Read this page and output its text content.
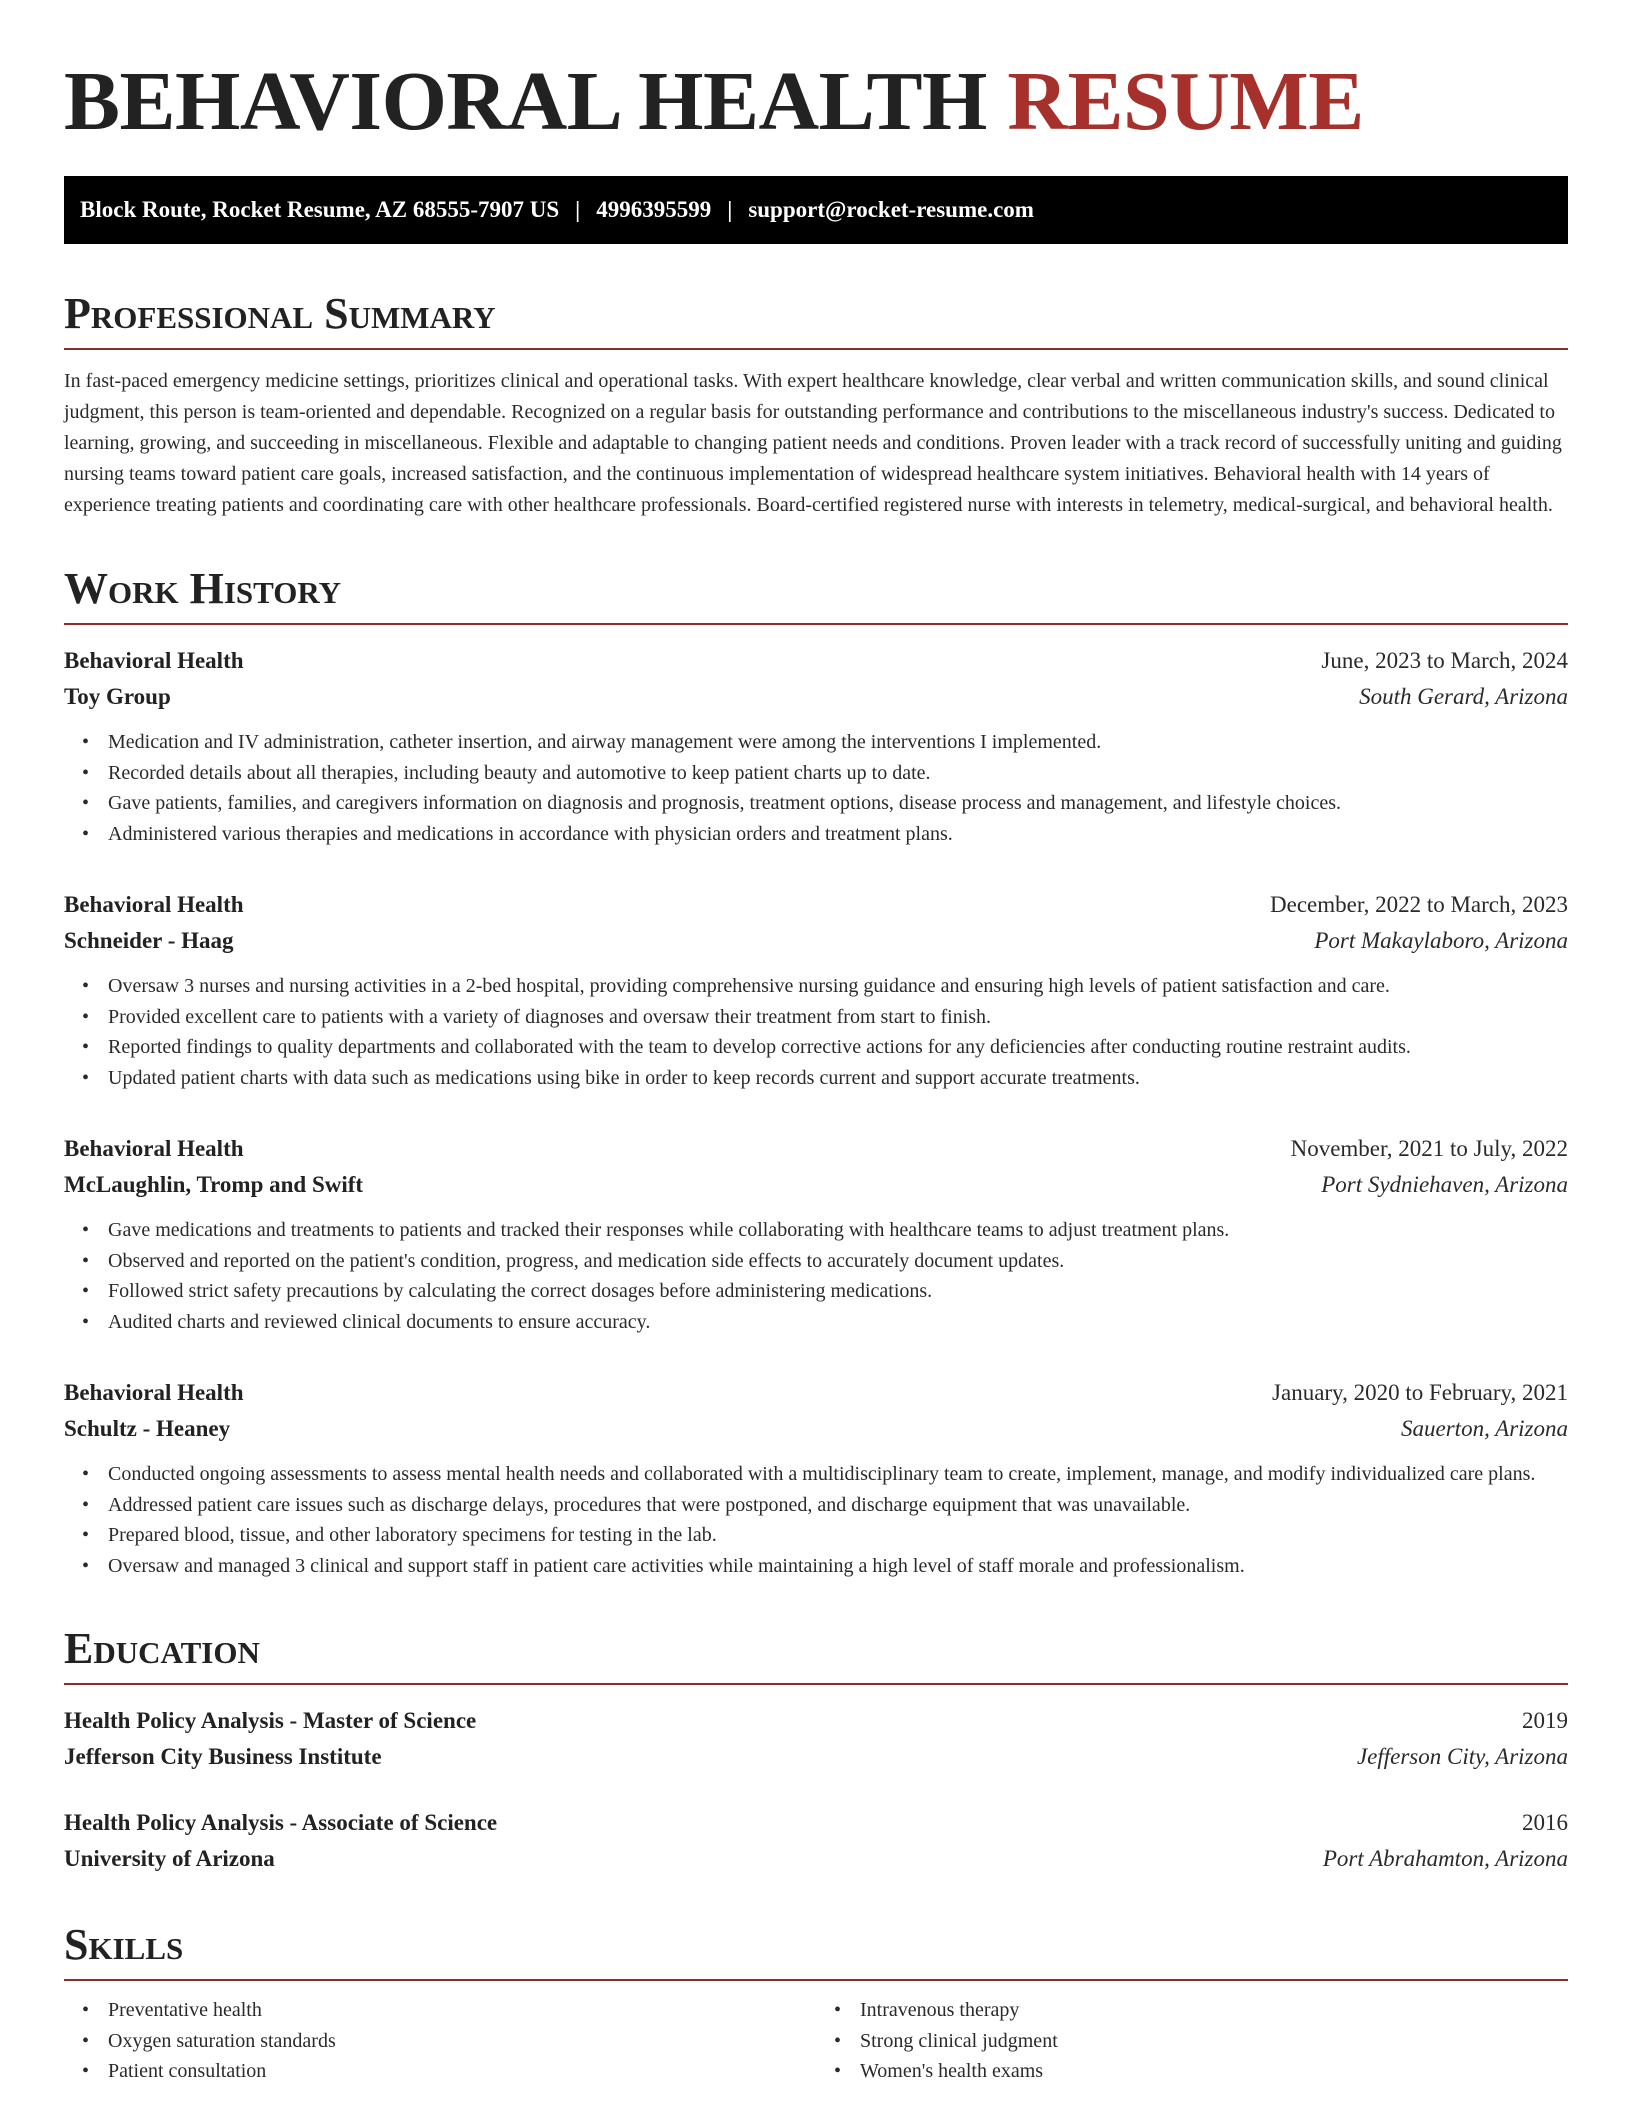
BEHAVIORAL HEALTH RESUME
Block Route, Rocket Resume, AZ 68555-7907 US | 4996395599 | support@rocket-resume.com
Professional Summary

In fast-paced emergency medicine settings, prioritizes clinical and operational tasks. With expert healthcare knowledge, clear verbal and written communication skills, and sound clinical judgment, this person is team-oriented and dependable. Recognized on a regular basis for outstanding performance and contributions to the miscellaneous industry's success. Dedicated to learning, growing, and succeeding in miscellaneous. Flexible and adaptable to changing patient needs and conditions. Proven leader with a track record of successfully uniting and guiding nursing teams toward patient care goals, increased satisfaction, and the continuous implementation of widespread healthcare system initiatives. Behavioral health with 14 years of experience treating patients and coordinating care with other healthcare professionals. Board-certified registered nurse with interests in telemetry, medical-surgical, and behavioral health.

Work History
Behavioral Health	June, 2023 to March, 2024
Toy Group	South Gerard, Arizona
• Medication and IV administration, catheter insertion, and airway management were among the interventions I implemented.
• Recorded details about all therapies, including beauty and automotive to keep patient charts up to date.
• Gave patients, families, and caregivers information on diagnosis and prognosis, treatment options, disease process and management, and lifestyle choices.
• Administered various therapies and medications in accordance with physician orders and treatment plans.
Behavioral Health	December, 2022 to March, 2023
Schneider - Haag	Port Makaylaboro, Arizona
• Oversaw 3 nurses and nursing activities in a 2-bed hospital, providing comprehensive nursing guidance and ensuring high levels of patient satisfaction and care.
• Provided excellent care to patients with a variety of diagnoses and oversaw their treatment from start to finish.
• Reported findings to quality departments and collaborated with the team to develop corrective actions for any deficiencies after conducting routine restraint audits.
• Updated patient charts with data such as medications using bike in order to keep records current and support accurate treatments.
Behavioral Health	November, 2021 to July, 2022
McLaughlin, Tromp and Swift	Port Sydniehaven, Arizona
• Gave medications and treatments to patients and tracked their responses while collaborating with healthcare teams to adjust treatment plans.
• Observed and reported on the patient's condition, progress, and medication side effects to accurately document updates.
• Followed strict safety precautions by calculating the correct dosages before administering medications.
• Audited charts and reviewed clinical documents to ensure accuracy.
Behavioral Health	January, 2020 to February, 2021
Schultz - Heaney	Sauerton, Arizona
• Conducted ongoing assessments to assess mental health needs and collaborated with a multidisciplinary team to create, implement, manage, and modify individualized care plans.
• Addressed patient care issues such as discharge delays, procedures that were postponed, and discharge equipment that was unavailable.
• Prepared blood, tissue, and other laboratory specimens for testing in the lab.
• Oversaw and managed 3 clinical and support staff in patient care activities while maintaining a high level of staff morale and professionalism.
Education
Health Policy Analysis - Master of Science	2019
Jefferson City Business Institute	Jefferson City, Arizona
Health Policy Analysis - Associate of Science	2016
University of Arizona	Port Abrahamton, Arizona
Skills
• Preventative health
• Oxygen saturation standards
• Patient consultation
• Intravenous therapy
• Strong clinical judgment
• Women's health exams
